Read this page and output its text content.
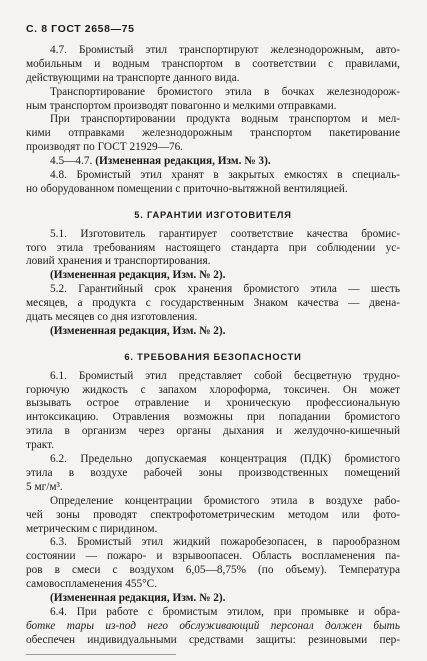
С. 8 ГОСТ 2658—75
4.7. Бромистый этил транспортируют железнодорожным, авто-
мобильным и водным транспортом в соответствии с правилами,
действующими на транспорте данного вида.
Транспортирование бромистого этила в бочках железнодорож-
ным транспортом производят повагонно и мелкими отправками.
При транспортировании продукта водным транспортом и мел-
кими отправками железнодорожным транспортом пакетирование
производят по ГОСТ 21929—76.
4.5—4.7. (Измененная редакция, Изм. № 3).
4.8. Бромистый этил хранят в закрытых емкостях в специаль-
но оборудованном помещении с приточно-вытяжной вентиляцией.
5. ГАРАНТИИ ИЗГОТОВИТЕЛЯ
5.1. Изготовитель гарантирует соответствие качества бромис-
того этила требованиям настоящего стандарта при соблюдении ус-
ловий хранения и транспортирования.
(Измененная редакция, Изм. № 2).
5.2. Гарантийный срок хранения бромистого этила — шесть
месяцев, а продукта с государственным Знаком качества — двена-
дцать месяцев со дня изготовления.
(Измененная редакция, Изм. № 2).
6. ТРЕБОВАНИЯ БЕЗОПАСНОСТИ
6.1. Бромистый этил представляет собой бесцветную трудно-
горючую жидкость с запахом хлороформа, токсичен. Он может
вызывать острое отравление и хроническую профессиональную
интоксикацию. Отравления возможны при попадании бромистого
этила в организм через органы дыхания и желудочно-кишечный
тракт.
6.2. Предельно допускаемая концентрация (ПДК) бромистого
этила в воздухе рабочей зоны производственных помещений
5 мг/м³.
Определение концентрации бромистого этила в воздухе рабо-
чей зоны проводят спектрофотометрическим методом или фото-
метрическим с пиридином.
6.3. Бромистый этил жидкий пожаробезопасен, в парообразном
состоянии — пожаро- и взрывоопасен. Область воспламенения па-
ров в смеси с воздухом 6,05—8,75% (по объему). Температура
самовоспламенения 455°С.
(Измененная редакция, Изм. № 2).
6.4. При работе с бромистым этилом, при промывке и обра-
ботке тары из-под него обслуживающий персонал должен быть
обеспечен индивидуальными средствами защиты: резиновыми пер-
